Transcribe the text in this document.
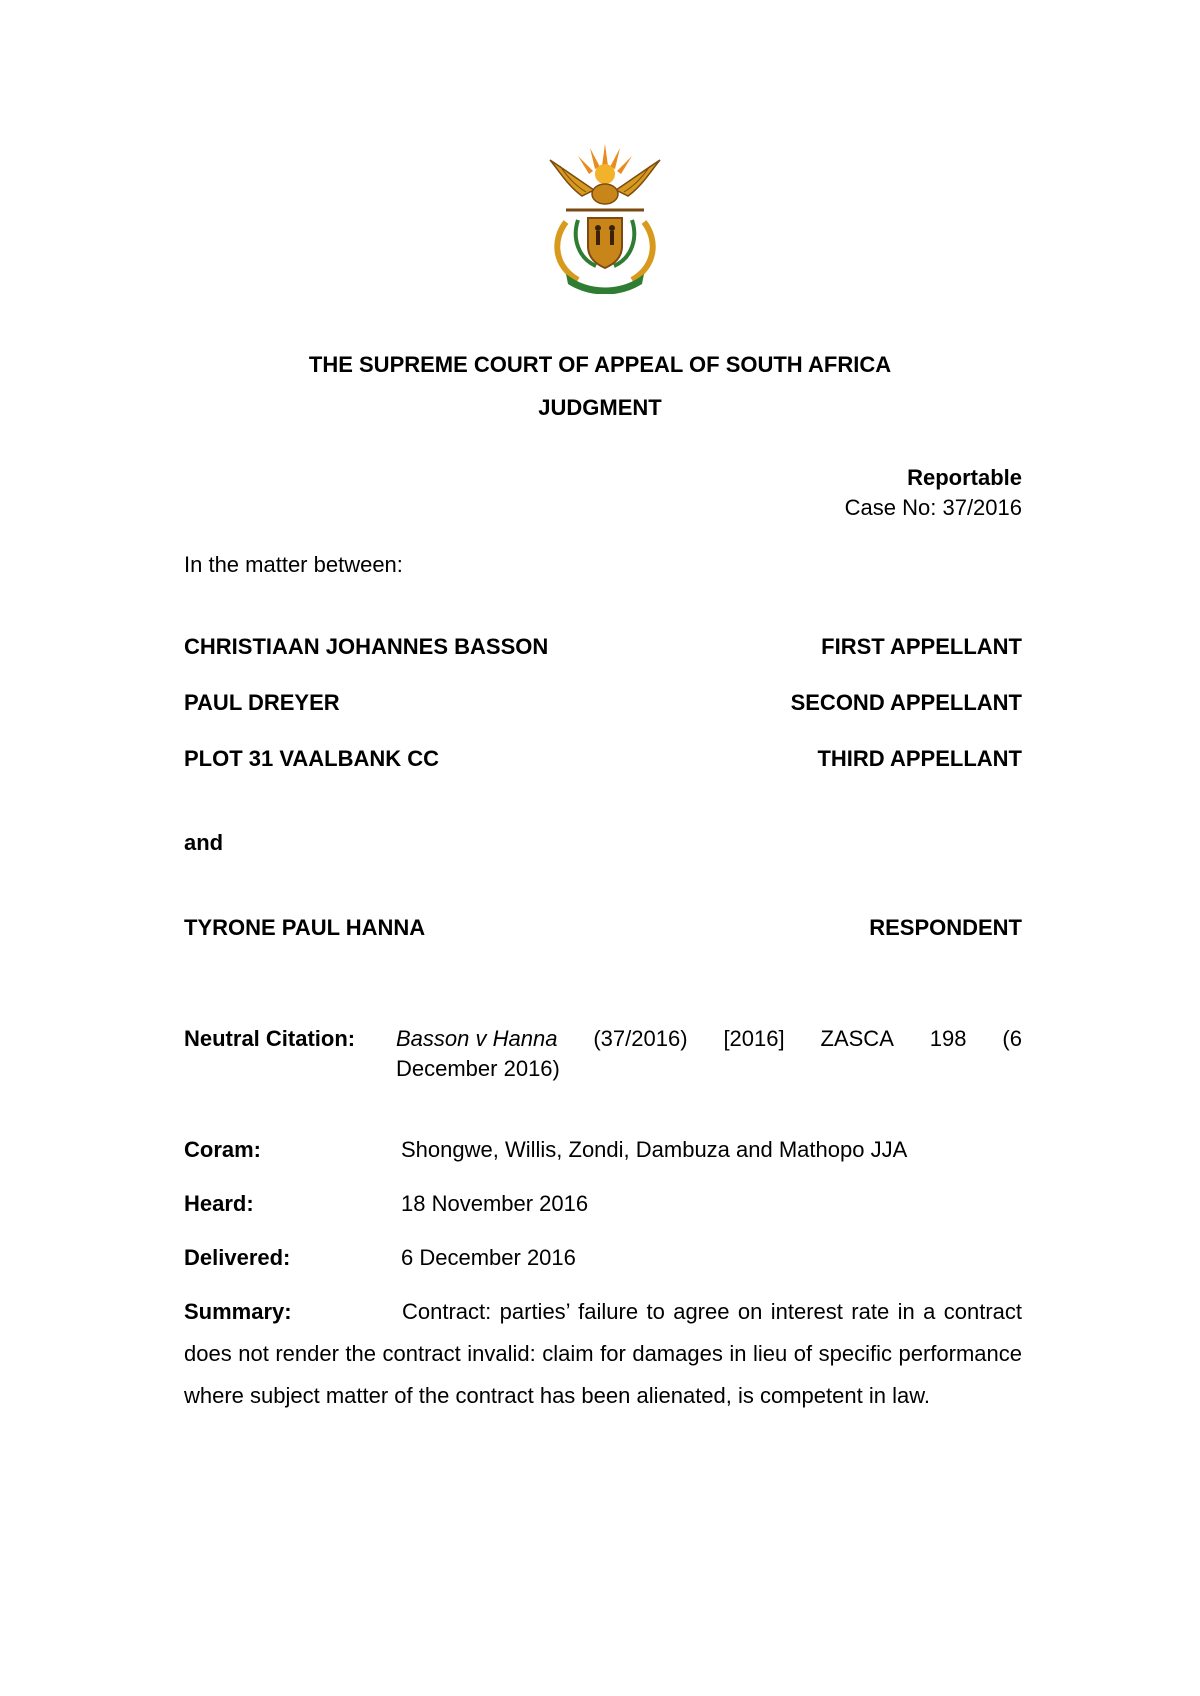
THE SUPREME COURT OF APPEAL OF SOUTH AFRICA
JUDGMENT
Reportable
Case No: 37/2016
In the matter between:
CHRISTIAAN JOHANNES BASSON	FIRST APPELLANT
PAUL DREYER	SECOND APPELLANT
PLOT 31 VAALBANK CC	THIRD APPELLANT
and
TYRONE PAUL HANNA	RESPONDENT
Neutral Citation: Basson v Hanna (37/2016) [2016] ZASCA 198 (6
December 2016)
Coram:	Shongwe, Willis, Zondi, Dambuza and Mathopo JJA
Heard:	18 November 2016
Delivered:	6 December 2016
Summary:	Contract: parties’ failure to agree on interest rate in a contract does not render the contract invalid: claim for damages in lieu of specific performance where subject matter of the contract has been alienated, is competent in law.
